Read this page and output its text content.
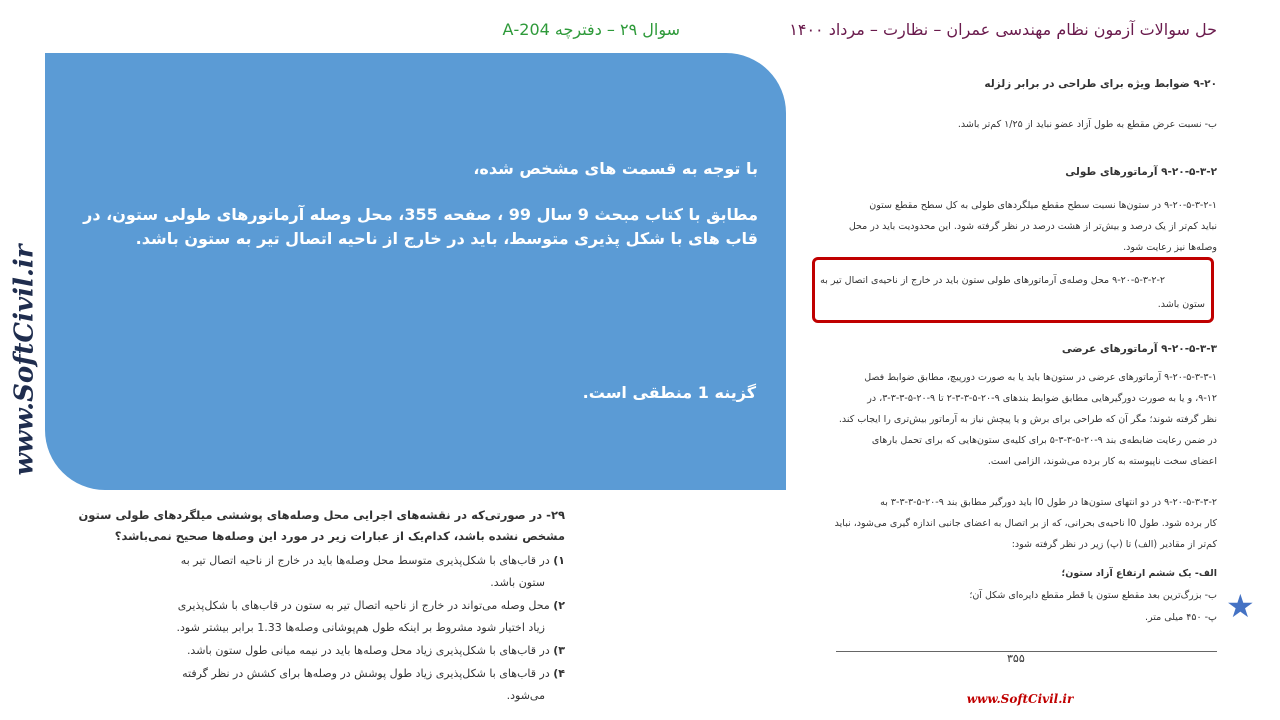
www.SoftCivil.ir
حل سوالات آزمون نظام مهندسی عمران – نظارت – مرداد ۱۴۰۰
سوال ۲۹ – دفترچه 204-A
با توجه به قسمت های مشخص شده،
مطابق با کتاب مبحث 9 سال 99 ، صفحه 355، محل وصله آرماتورهای طولی ستون، در قاب های با شکل پذیری متوسط، باید در خارج از ناحیه اتصال تیر به ستون باشد.
گزینه 1 منطقی است.
۹-۲۰ ضوابط ویژه برای طراحی در برابر زلزله
ب- نسبت عرض مقطع به طول آزاد عضو نباید از ۱/۲۵ کم‌تر باشد.
۹-۲۰-۵-۳-۲ آرماتورهای طولی
۹-۲۰-۵-۳-۲-۱ در ستون‌ها نسبت سطح مقطع میلگردهای طولی به کل سطح مقطع ستون
نباید کم‌تر از یک درصد و بیش‌تر از هشت درصد در نظر گرفته شود. این محدودیت باید در محل
وصله‌ها نیز رعایت شود.
۹-۲۰-۵-۳-۲-۲ محل وصله‌ی آرماتورهای طولی ستون باید در خارج از ناحیه‌ی اتصال تیر به
ستون باشد.
۹-۲۰-۵-۳-۳ آرماتورهای عرضی
۹-۲۰-۵-۳-۳-۱ آرماتورهای عرضی در ستون‌ها باید یا به صورت دورپیچ، مطابق ضوابط فصل
۹-۱۲، و یا به صورت دورگیرهایی مطابق ضوابط بندهای ۹-۲۰-۵-۳-۳-۲ تا ۹-۲۰-۵-۳-۳-۳، در
نظر گرفته شوند؛ مگر آن که طراحی برای برش و یا پیچش نیاز به آرماتور بیش‌تری را ایجاب کند.
در ضمن رعایت ضابطه‌ی بند ۹-۲۰-۵-۳-۳-۵ برای کلیه‌ی ستون‌هایی که برای تحمل بارهای
اعضای سخت ناپیوسته به کار برده می‌شوند، الزامی است.
۹-۲۰-۵-۳-۳-۲ در دو انتهای ستون‌ها در طول l0 باید دورگیر مطابق بند ۹-۲۰-۵-۳-۳-۳ به
کار برده شود. طول l0 ناحیه‌ی بحرانی، که از بر اتصال به اعضای جانبی اندازه گیری می‌شود، نباید
کم‌تر از مقادیر (الف) تا (پ) زیر در نظر گرفته شود:
الف- یک ششم ارتفاع آزاد ستون؛
ب- بزرگ‌ترین بعد مقطع ستون یا قطر مقطع دایره‌ای شکل آن؛
پ- ۴۵۰ میلی متر.
۳۵۵
۲۹- در صورتی‌که در نقشه‌های اجرایی محل وصله‌های پوششی میلگردهای طولی ستون
مشخص نشده باشد، کدام‌یک از عبارات زیر در مورد این وصله‌ها صحیح نمی‌باشد؟
۱) در قاب‌های با شکل‌پذیری متوسط محل وصله‌ها باید در خارج از ناحیه اتصال تیر به
ستون باشد.
۲) محل وصله می‌تواند در خارج از ناحیه اتصال تیر به ستون در قاب‌های با شکل‌پذیری
زیاد اختیار شود مشروط بر اینکه طول هم‌پوشانی وصله‌ها 1.33 برابر بیشتر شود.
۳) در قاب‌های با شکل‌پذیری زیاد محل وصله‌ها باید در نیمه میانی طول ستون باشد.
۴) در قاب‌های با شکل‌پذیری زیاد طول پوشش در وصله‌ها برای کشش در نظر گرفته
می‌شود.
★
www.SoftCivil.ir
